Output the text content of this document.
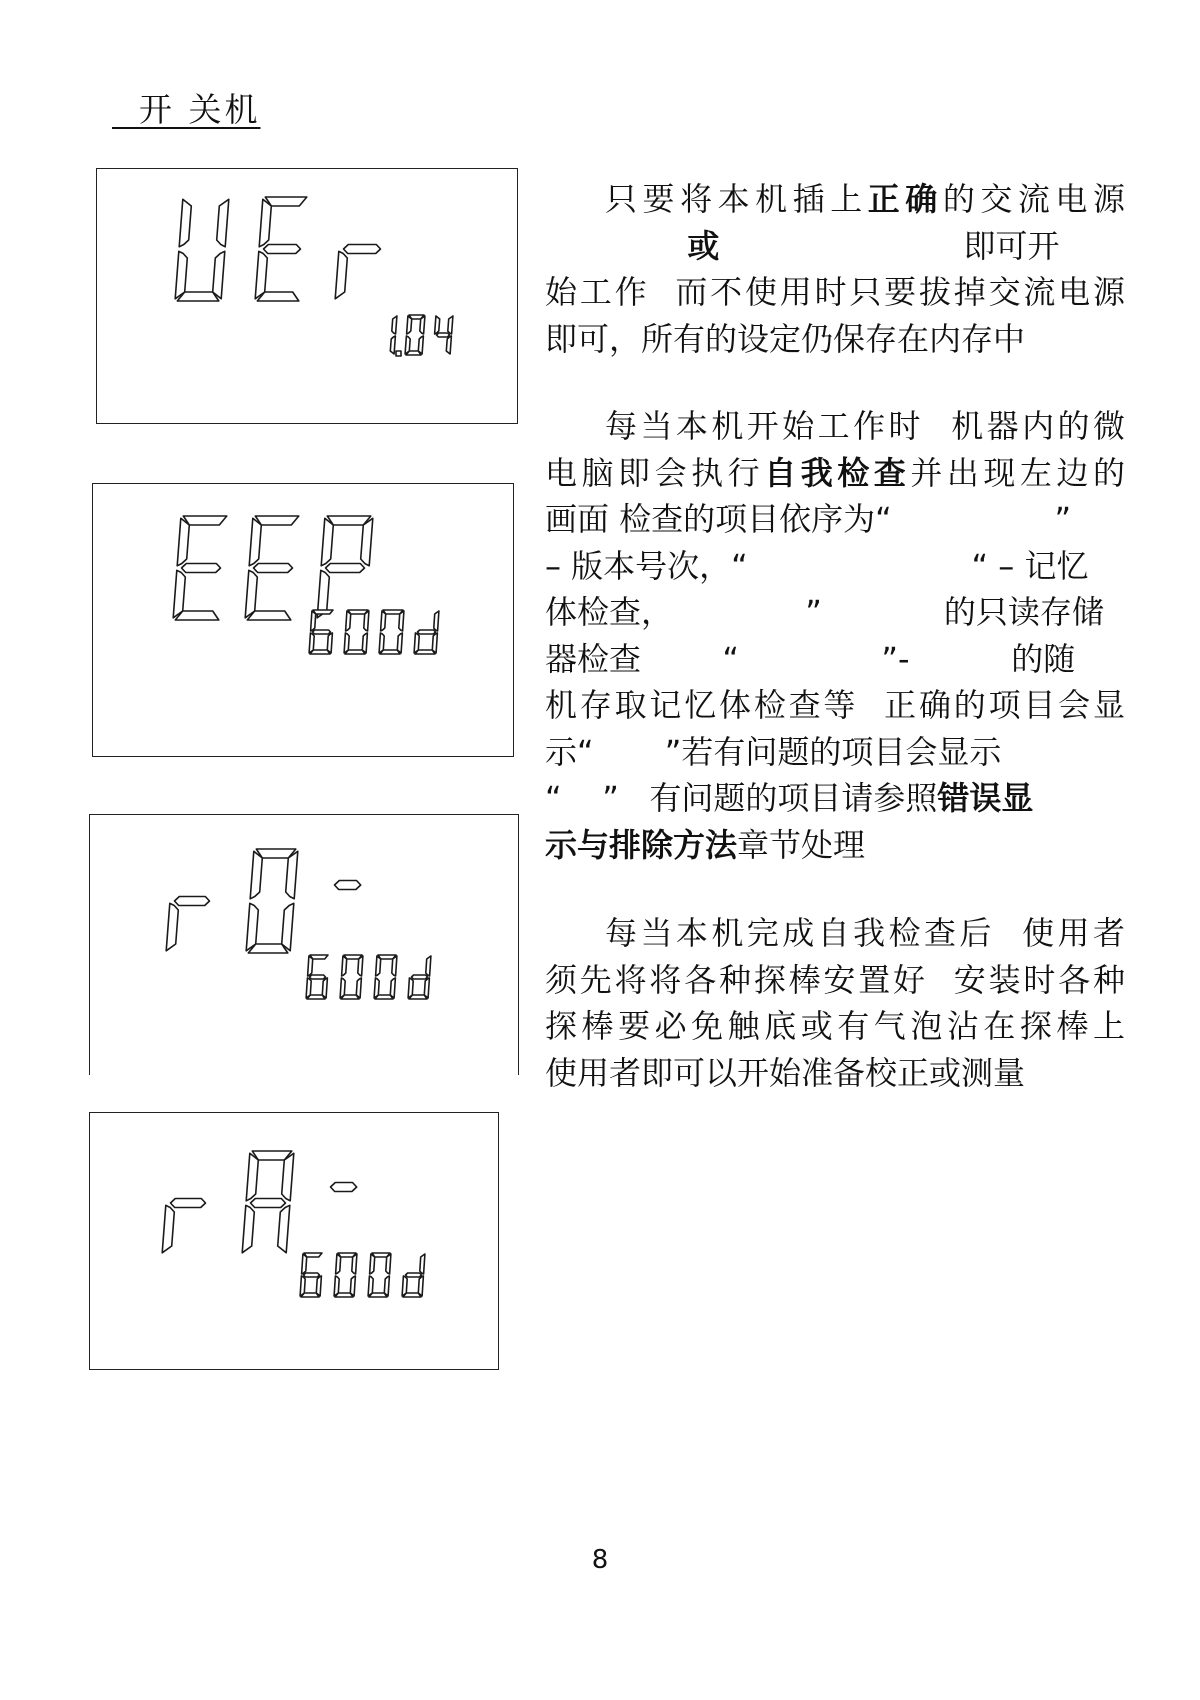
开 关机
只要将本机插上正确的交流电源
或                        即可开
始工作  而不使用时只要拔掉交流电源
即可，所有的设定仍保存在内存中
每当本机开始工作时  机器内的微
电脑即会执行自我检查并出现左边的
画面 检查的项目依序为“                ”
– 版本号次，“                      “ – 记忆
体检查，             ”            的只读存储
器检查        “              ”-          的随
机存取记忆体检查等  正确的项目会显
示“       ”若有问题的项目会显示
“    ”   有问题的项目请参照错误显
示与排除方法章节处理
每当本机完成自我检查后  使用者
须先将将各种探棒安置好  安装时各种
探棒要必免触底或有气泡沾在探棒上
使用者即可以开始准备校正或测量
8
